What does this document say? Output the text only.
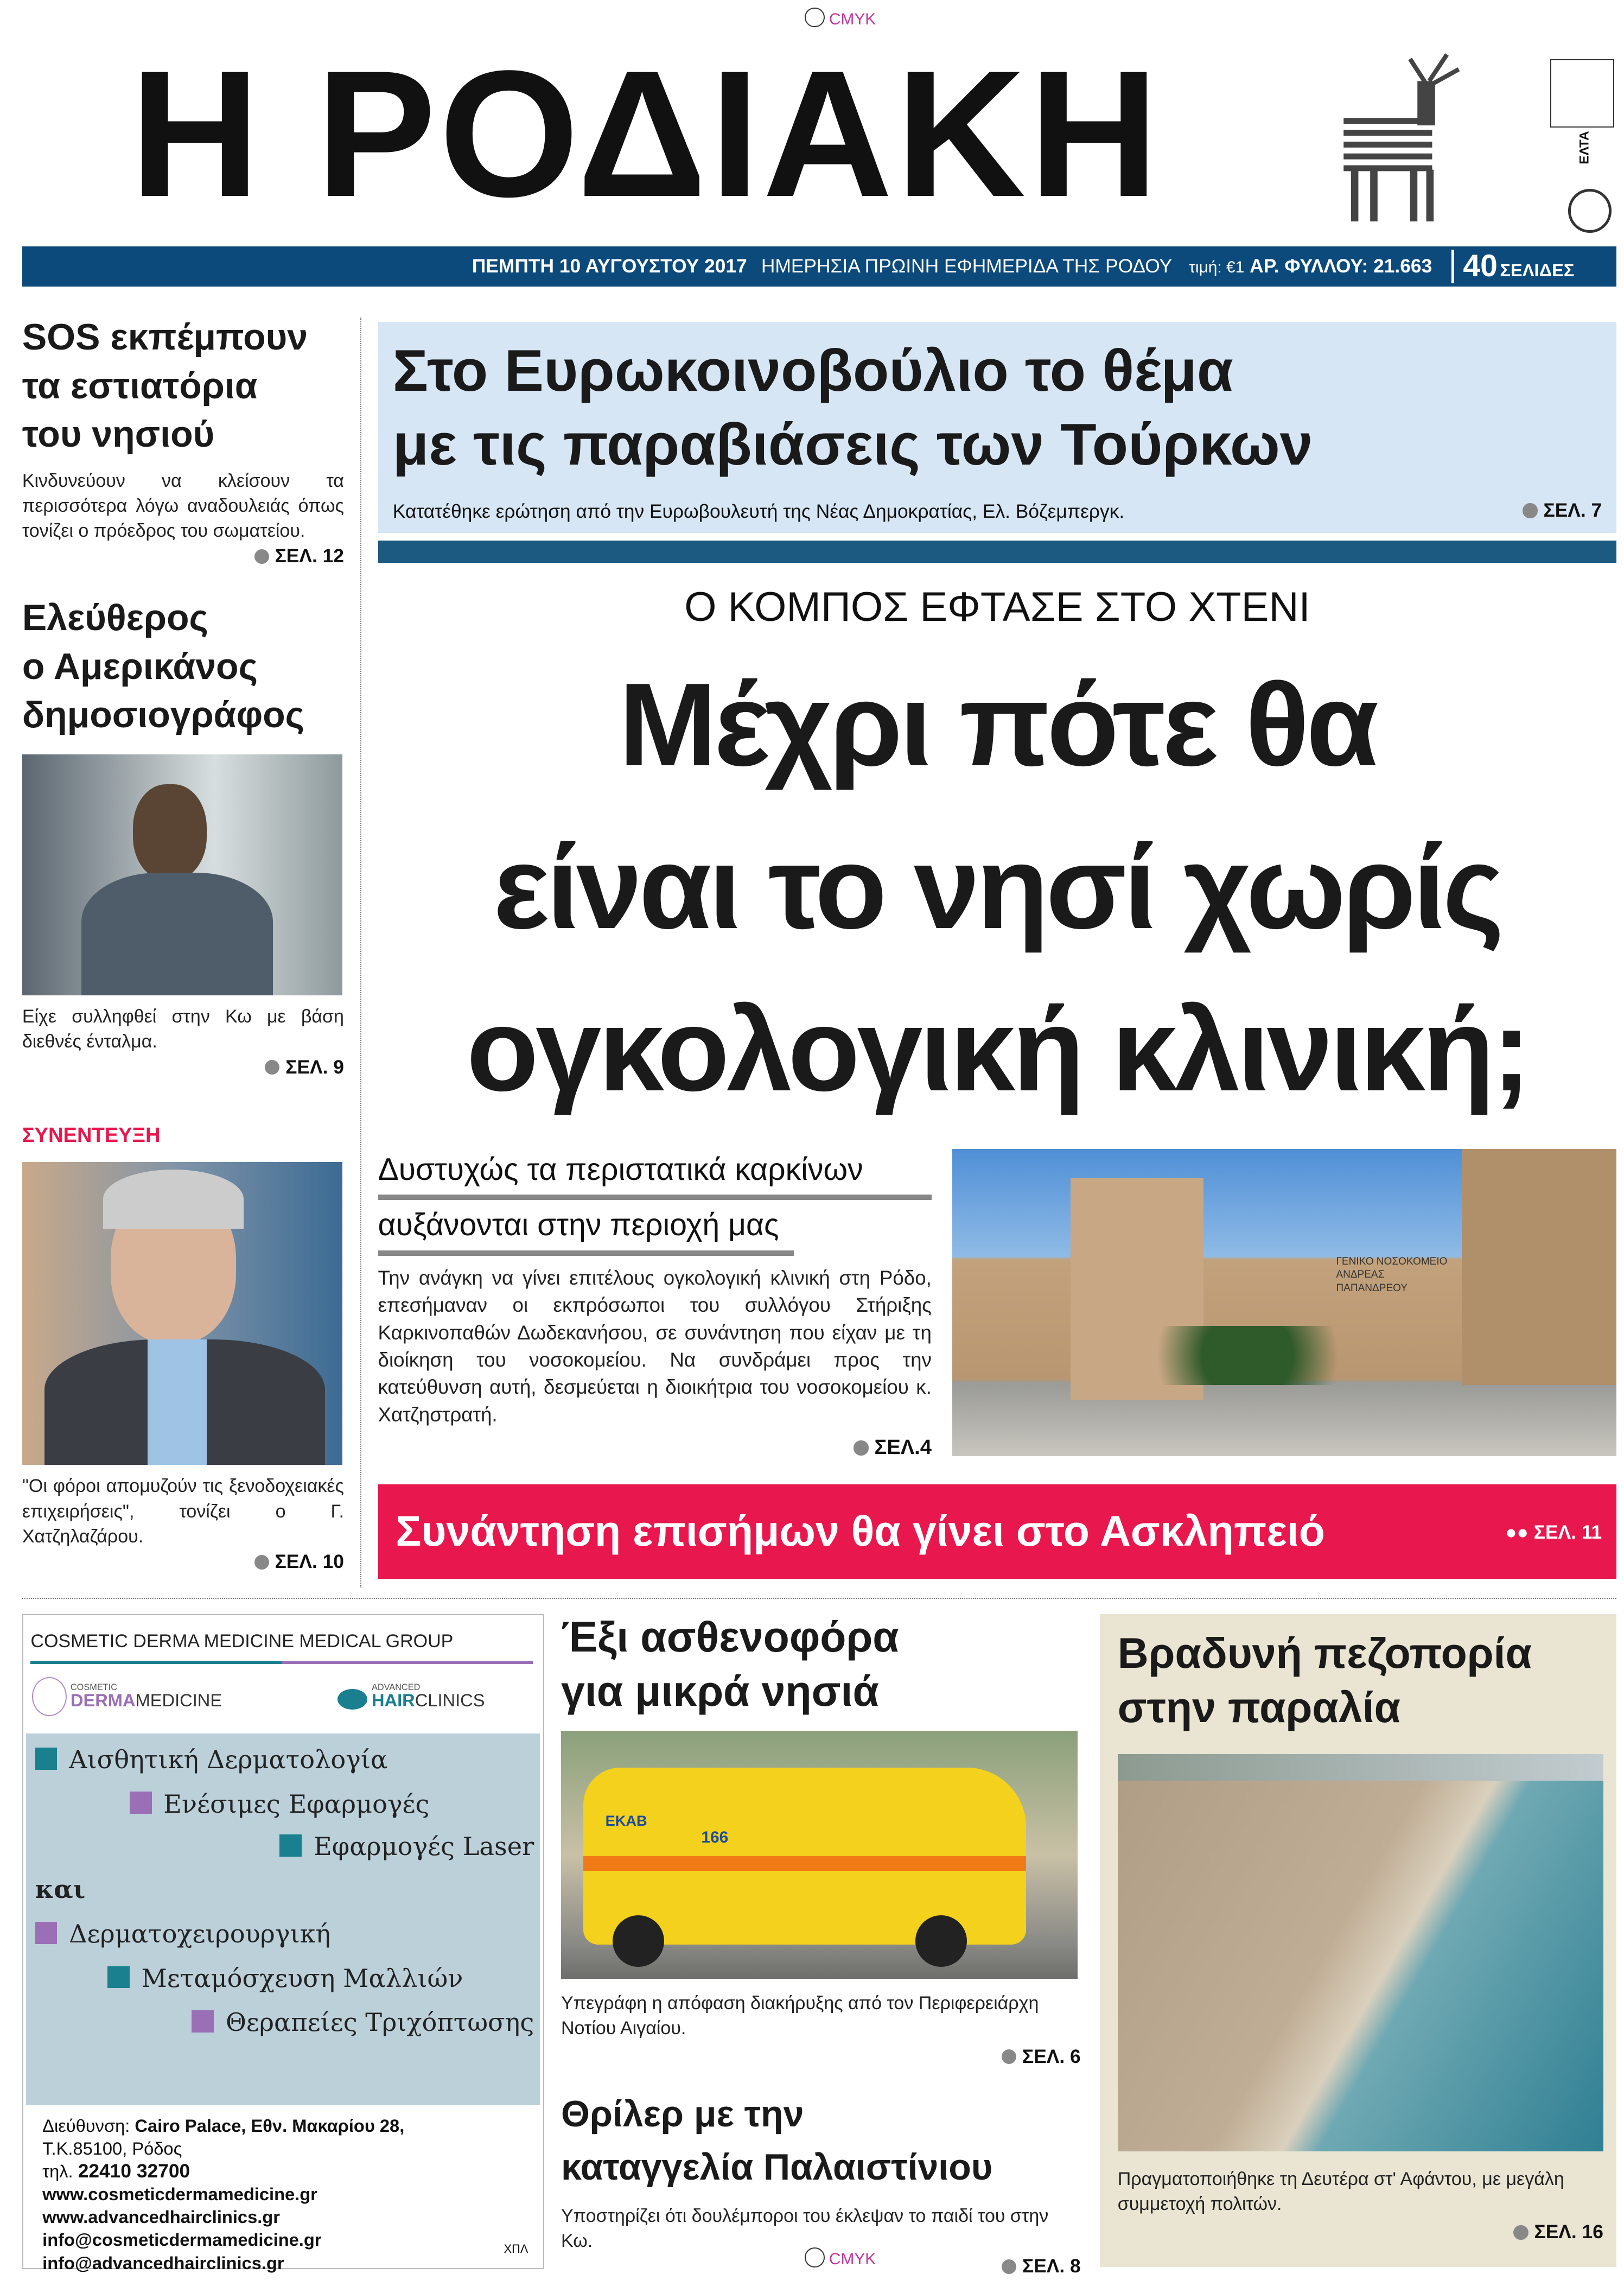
CMYK
CMYK
Η ΡΟΔΙΑΚΗ	ΕΛΤΑ
ΠΕΜΠΤΗ 10 ΑΥΓΟΥΣΤΟΥ 2017 ΗΜΕΡΗΣΙΑ ΠΡΩΙΝΗ ΕΦΗΜΕΡΙΔΑ ΤΗΣ ΡΟΔΟΥ τιμή: €1 ΑΡ. ΦΥΛΛΟΥ: 21.663 40 ΣΕΛΙΔΕΣ
SOS εκπέμπουν
τα εστιατόρια
του νησιού
Κινδυνεύουν να κλείσουν τα περισσότερα λόγω αναδουλειάς όπως τονίζει ο πρόεδρος του σωματείου.
ΣΕΛ. 12
Ελεύθερος
ο Αμερικάνος
δημοσιογράφος
Είχε συλληφθεί στην Κω με βάση διεθνές ένταλμα.
ΣΕΛ. 9
ΣΥΝΕΝΤΕΥΞΗ
"Οι φόροι απομυζούν τις ξενοδοχειακές επιχειρήσεις", τονίζει ο Γ. Χατζηλαζάρου.
ΣΕΛ. 10
Στο Ευρωκοινοβούλιο το θέμα
με τις παραβιάσεις των Τούρκων
Κατατέθηκε ερώτηση από την Ευρωβουλευτή της Νέας Δημοκρατίας, Ελ. Βόζεμπεργκ.	ΣΕΛ. 7
Ο ΚΟΜΠΟΣ ΕΦΤΑΣΕ ΣΤΟ ΧΤΕΝΙ
Μέχρι πότε θα
είναι το νησί χωρίς
ογκολογική κλινική;
Δυστυχώς τα περιστατικά καρκίνων
αυξάνονται στην περιοχή μας
Την ανάγκη να γίνει επιτέλους ογκολογική κλινική στη Ρόδο, επεσήμαναν οι εκπρόσωποι του συλλόγου Στήριξης Καρκινοπαθών Δωδεκανήσου, σε συνάντηση που είχαν με τη διοίκηση του νοσοκομείου. Να συνδράμει προς την κατεύθυνση αυτή, δεσμεύεται η διοικήτρια του νοσοκομείου κ. Χατζηστρατή.
ΣΕΛ.4
ΓΕΝΙΚΟ ΝΟΣΟΚΟΜΕΙΟ ΑΝΔΡΕΑΣ ΠΑΠΑΝΔΡΕΟΥ
Συνάντηση επισήμων θα γίνει στο Ασκληπειό	●● ΣΕΛ. 11
COSMETIC DERMA MEDICINE MEDICAL GROUP
COSMETIC
DERMAMEDICINE
ADVANCED
HAIRCLINICS
Αισθητική Δερματολογία
Ενέσιμες Εφαρμογές
Εφαρμογές Laser
και
Δερματοχειρουργική
Μεταμόσχευση Μαλλιών
Θεραπείες Τριχόπτωσης
Διεύθυνση: Cairo Palace, Εθν. Μακαρίου 28,
Τ.Κ.85100, Ρόδος
τηλ. 22410 32700
www.cosmeticdermamedicine.gr
www.advancedhairclinics.gr
info@cosmeticdermamedicine.gr
info@advancedhairclinics.gr
ΧΠΛ
Έξι ασθενοφόρα
για μικρά νησιά
166
ΕΚΑΒ
Υπεγράφη η απόφαση διακήρυξης από τον Περιφερειάρχη Νοτίου Αιγαίου.
ΣΕΛ. 6
Θρίλερ με την
καταγγελία Παλαιστίνιου
Υποστηρίζει ότι δουλέμποροι του έκλεψαν το παιδί του στην Κω.
ΣΕΛ. 8
Βραδυνή πεζοπορία
στην παραλία
Πραγματοποιήθηκε τη Δευτέρα στ' Αφάντου, με μεγάλη συμμετοχή πολιτών.
ΣΕΛ. 16
